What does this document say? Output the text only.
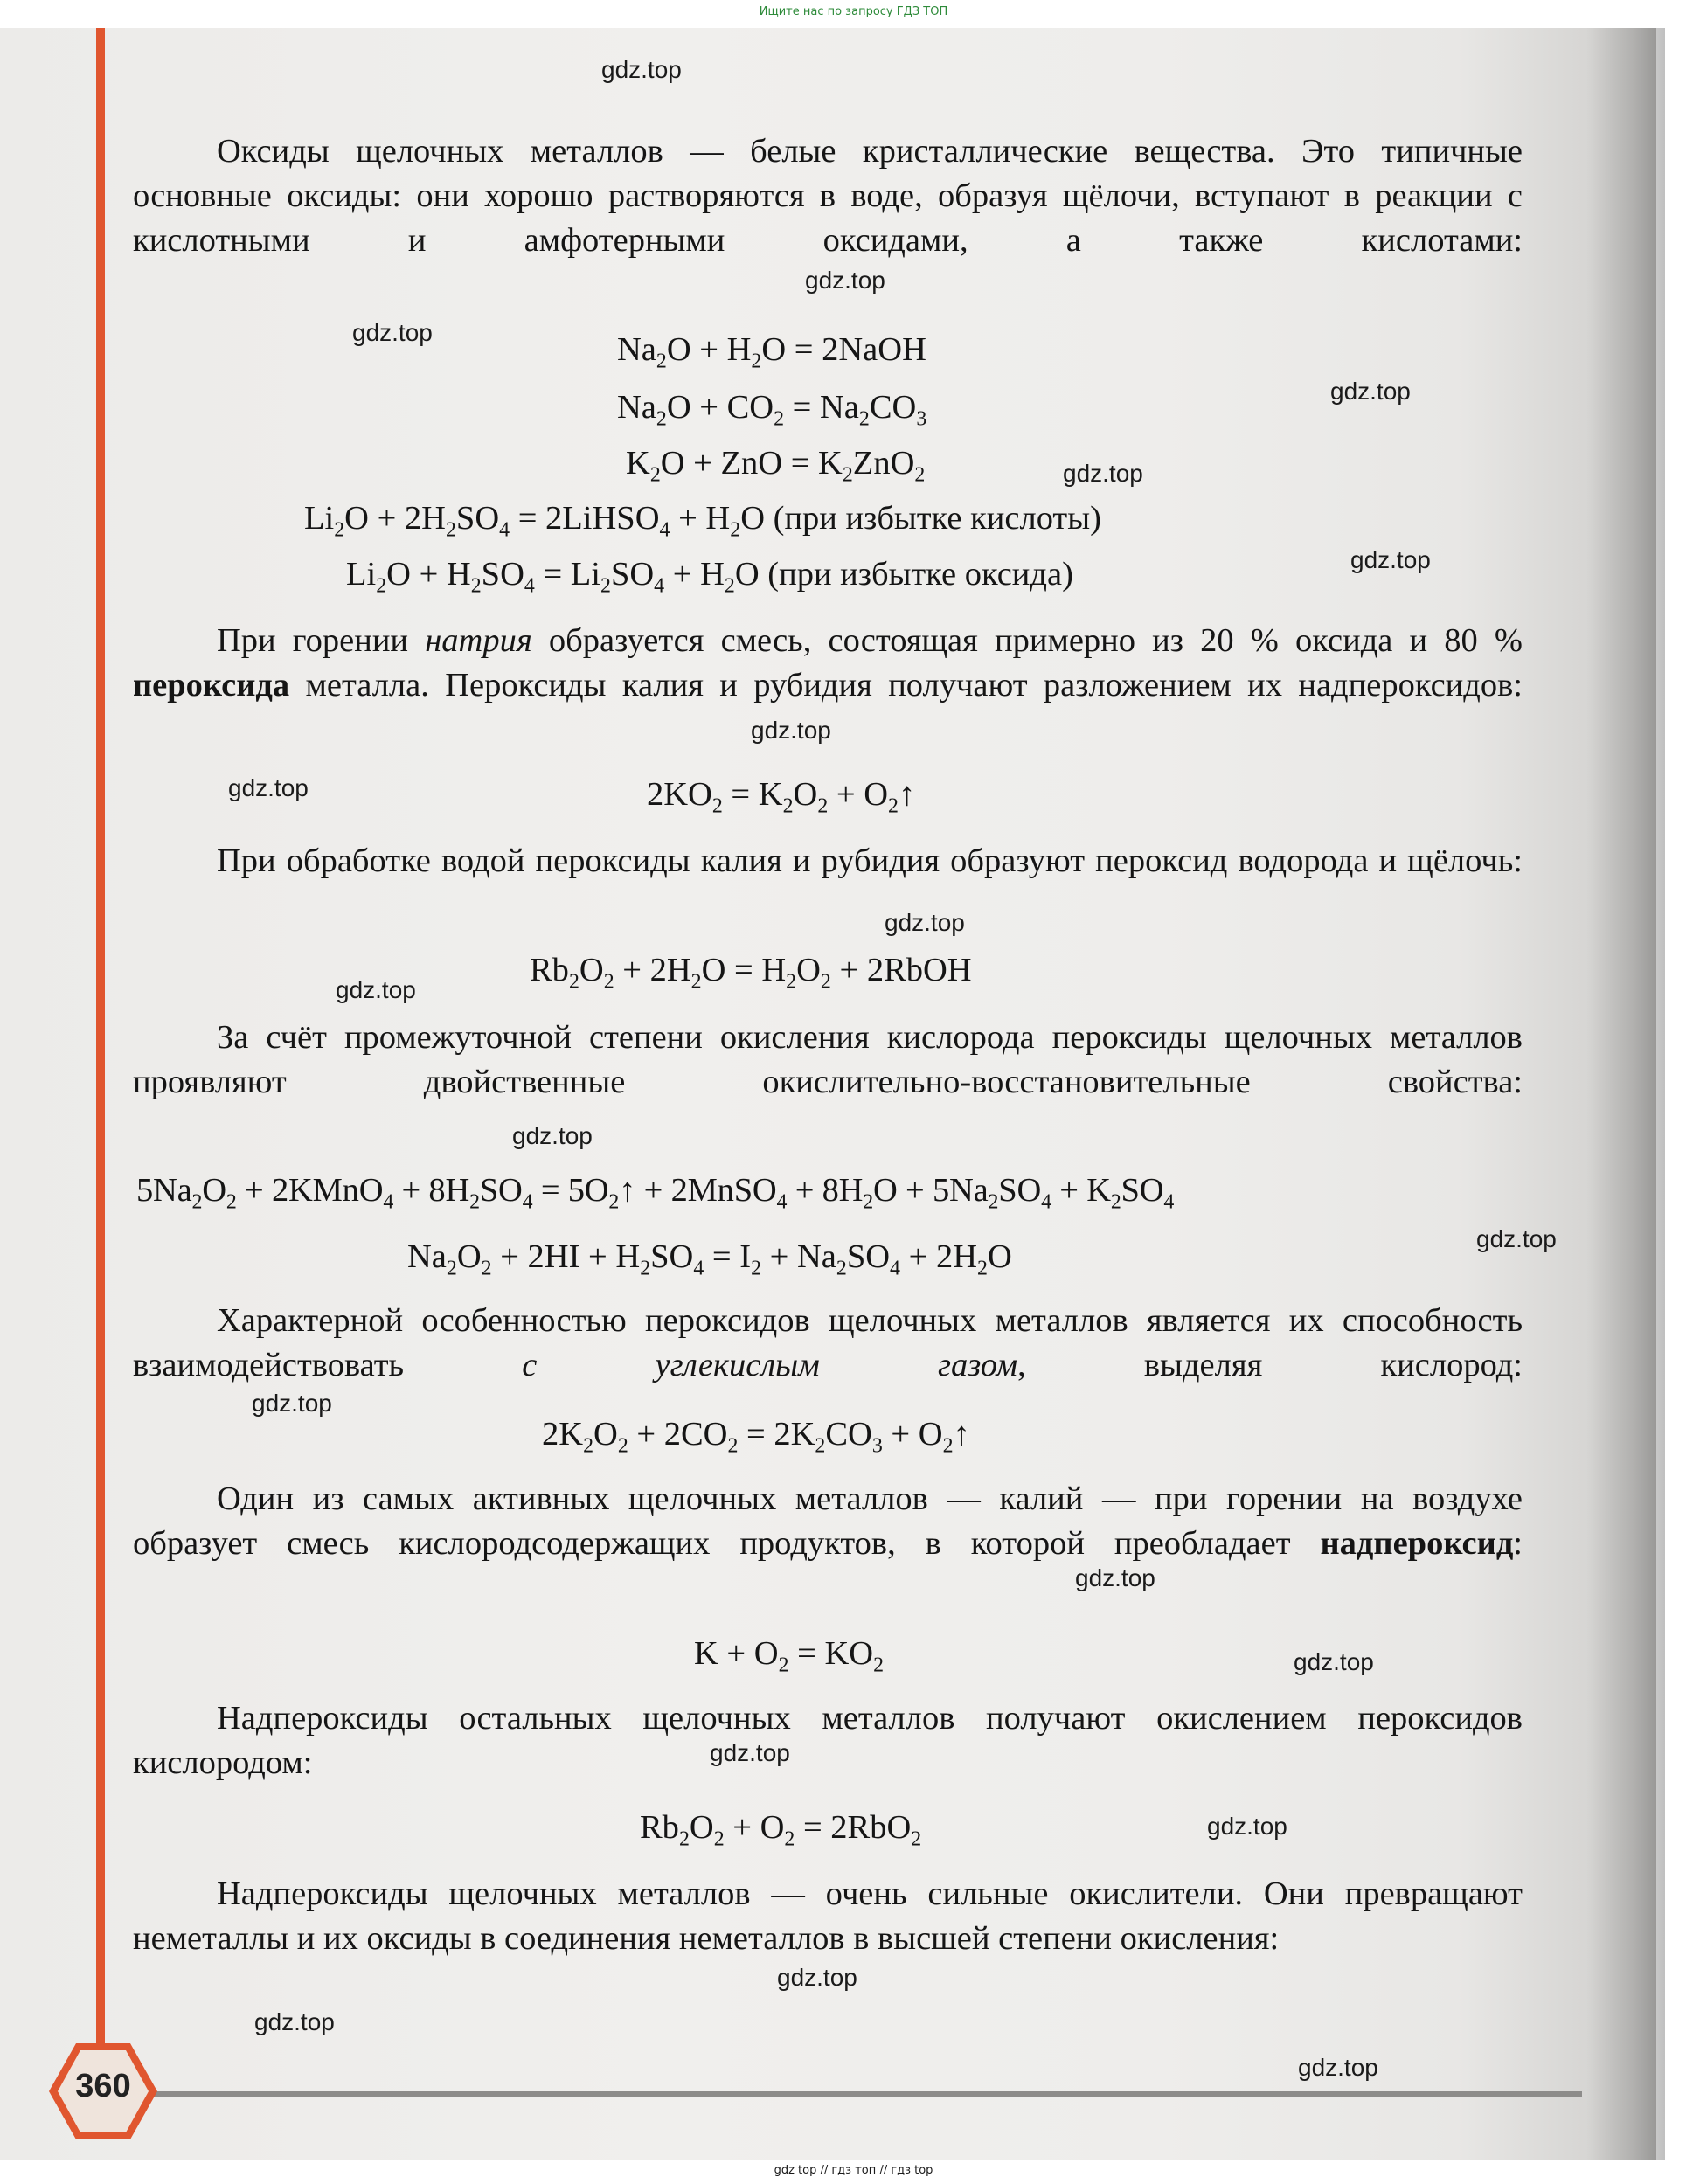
Ищите нас по запросу ГДЗ ТОП

Оксиды щелочных металлов — белые кристаллические вещества. Это типичные основные оксиды: они хорошо растворяются в воде, образуя щёлочи, вступают в реакции с кислотными и амфотерными оксидами, а также кислотами:

$Na_2O + H_2O$ = 2NaOH
$Na_2O + CO_2 = Na_2CO_3$
$K_2O$ + ZnO = $K_2ZnO_2$
$Li_2O + 2H_2SO_4$ = 2LiHSO$_4$ + $H_2O$ (при избытке кислоты)
$Li_2O + H_2SO_4 = Li_2SO_4 + H_2O$ (при избытке оксида)

При горении натрия образуется смесь, состоящая примерно из 20 % оксида и 80 % пероксида металла. Пероксиды калия и рубидия получают разложением их надпероксидов:

$2KO_2 = K_2O_2$ + $O_2↑$

При обработке водой пероксиды калия и рубидия образуют пероксид водорода и щёлочь:

$Rb_2O_2 + 2H_2O = H_2O_2$ + 2RbOH

За счёт промежуточной степени окисления кислорода пероксиды щелочных металлов проявляют двойственные окислительно-восстановительные свойства:

$5Na_2O_2$ + 2KMnO$_4$ + $8H_2SO_4$ = $5O_2↑$ + 2MnSO$_4$ + $8H_2O + 5Na_2SO_4 + K_2SO_4$
$Na_2O_2 + 2HI + H_2SO_4 = I_2 + Na_2SO_4 + 2H_2O$

Характерной особенностью пероксидов щелочных металлов является их способность взаимодействовать с углекислым газом, выделяя кислород:

$2K_2O_2 + 2CO_2 = 2K_2CO_3$ + $O_2↑$

Один из самых активных щелочных металлов — калий — при горении на воздухе образует смесь кислородсодержащих продуктов, в которой преобладает надпероксид:

$K + O_2 = KO_2$

Надпероксиды остальных щелочных металлов получают окислением пероксидов кислородом:

$Rb_2O_2 + O_2 = 2RbO_2$

Надпероксиды щелочных металлов — очень сильные окислители. Они превращают неметаллы и их оксиды в соединения неметаллов в высшей степени окисления:

360
gdz.top
gdz.top
gdz.top
gdz.top
gdz.top
gdz.top
gdz.top
gdz.top
gdz.top
gdz.top
gdz.top
gdz.top
gdz.top
gdz.top
gdz.top
gdz.top
gdz.top
gdz.top
gdz.top
gdz.top
gdz top // гдз топ // гдз top
